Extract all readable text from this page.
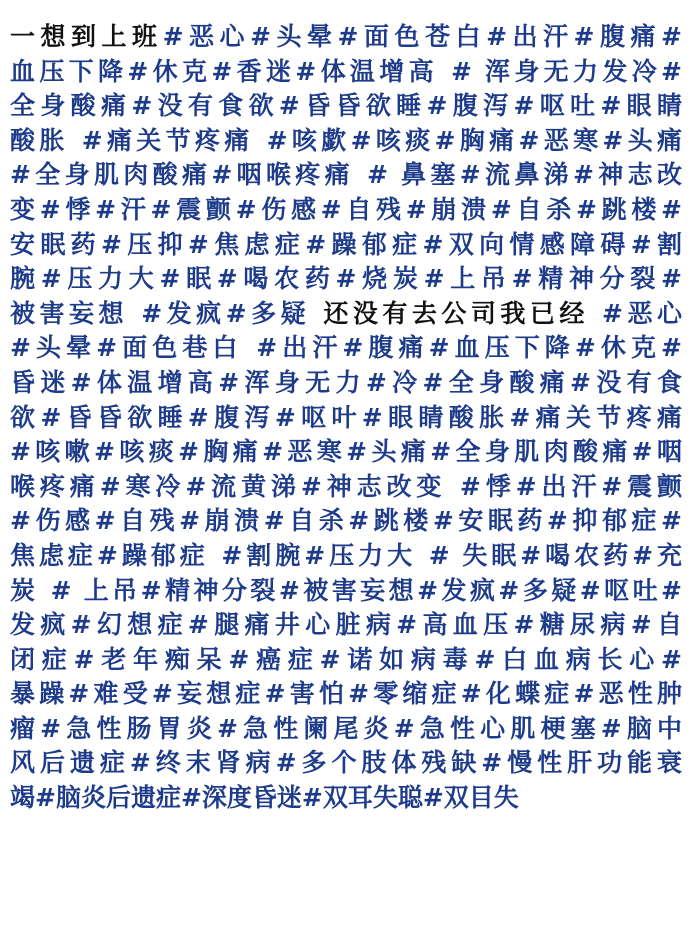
一想到上班#恶心#头晕#面色苍白#出汗#腹痛#
血压下降#休克#香迷#体温增高 # 浑身无力发冷#
全身酸痛#没有食欲#昏昏欲睡#腹泻#呕吐#眼睛
酸胀 #痛关节疼痛 #咳歔#咳痰#胸痛#恶寒#头痛
#全身肌肉酸痛#咽喉疼痛 # 鼻塞#流鼻涕#神志改
变#悸#汗#震颤#伤感#自残#崩溃#自杀#跳楼#
安眠药#压抑#焦虑症#躁郁症#双向情感障碍#割
腕#压力大#眠#喝农药#烧炭#上吊#精神分裂#
被害妄想 #发疯#多疑 还没有去公司我已经 #恶心
#头晕#面色巷白 #出汗#腹痛#血压下降#休克#
昏迷#体温增高#浑身无力#冷#全身酸痛#没有食
欲#昏昏欲睡#腹泻#呕叶#眼睛酸胀#痛关节疼痛
#咳嗽#咳痰#胸痛#恶寒#头痛#全身肌肉酸痛#咽
喉疼痛#寒冷#流黄涕#神志改变 #悸#出汗#震颤
#伤感#自残#崩溃#自杀#跳楼#安眠药#抑郁症#
焦虑症#躁郁症 #割腕#压力大 # 失眠#喝农药#充
炭 # 上吊#精神分裂#被害妄想#发疯#多疑#呕吐#
发疯#幻想症#腿痛井心脏病#高血压#糖尿病#自
闭症#老年痴呆#癌症#诺如病毒#白血病长心#
暴躁#难受#妄想症#害怕#零缩症#化蝶症#恶性肿
瘤#急性肠胃炎#急性阑尾炎#急性心肌梗塞#脑中
风后遗症#终末肾病#多个肢体残缺#慢性肝功能衰
竭#脑炎后遗症#深度昏迷#双耳失聪#双目失
